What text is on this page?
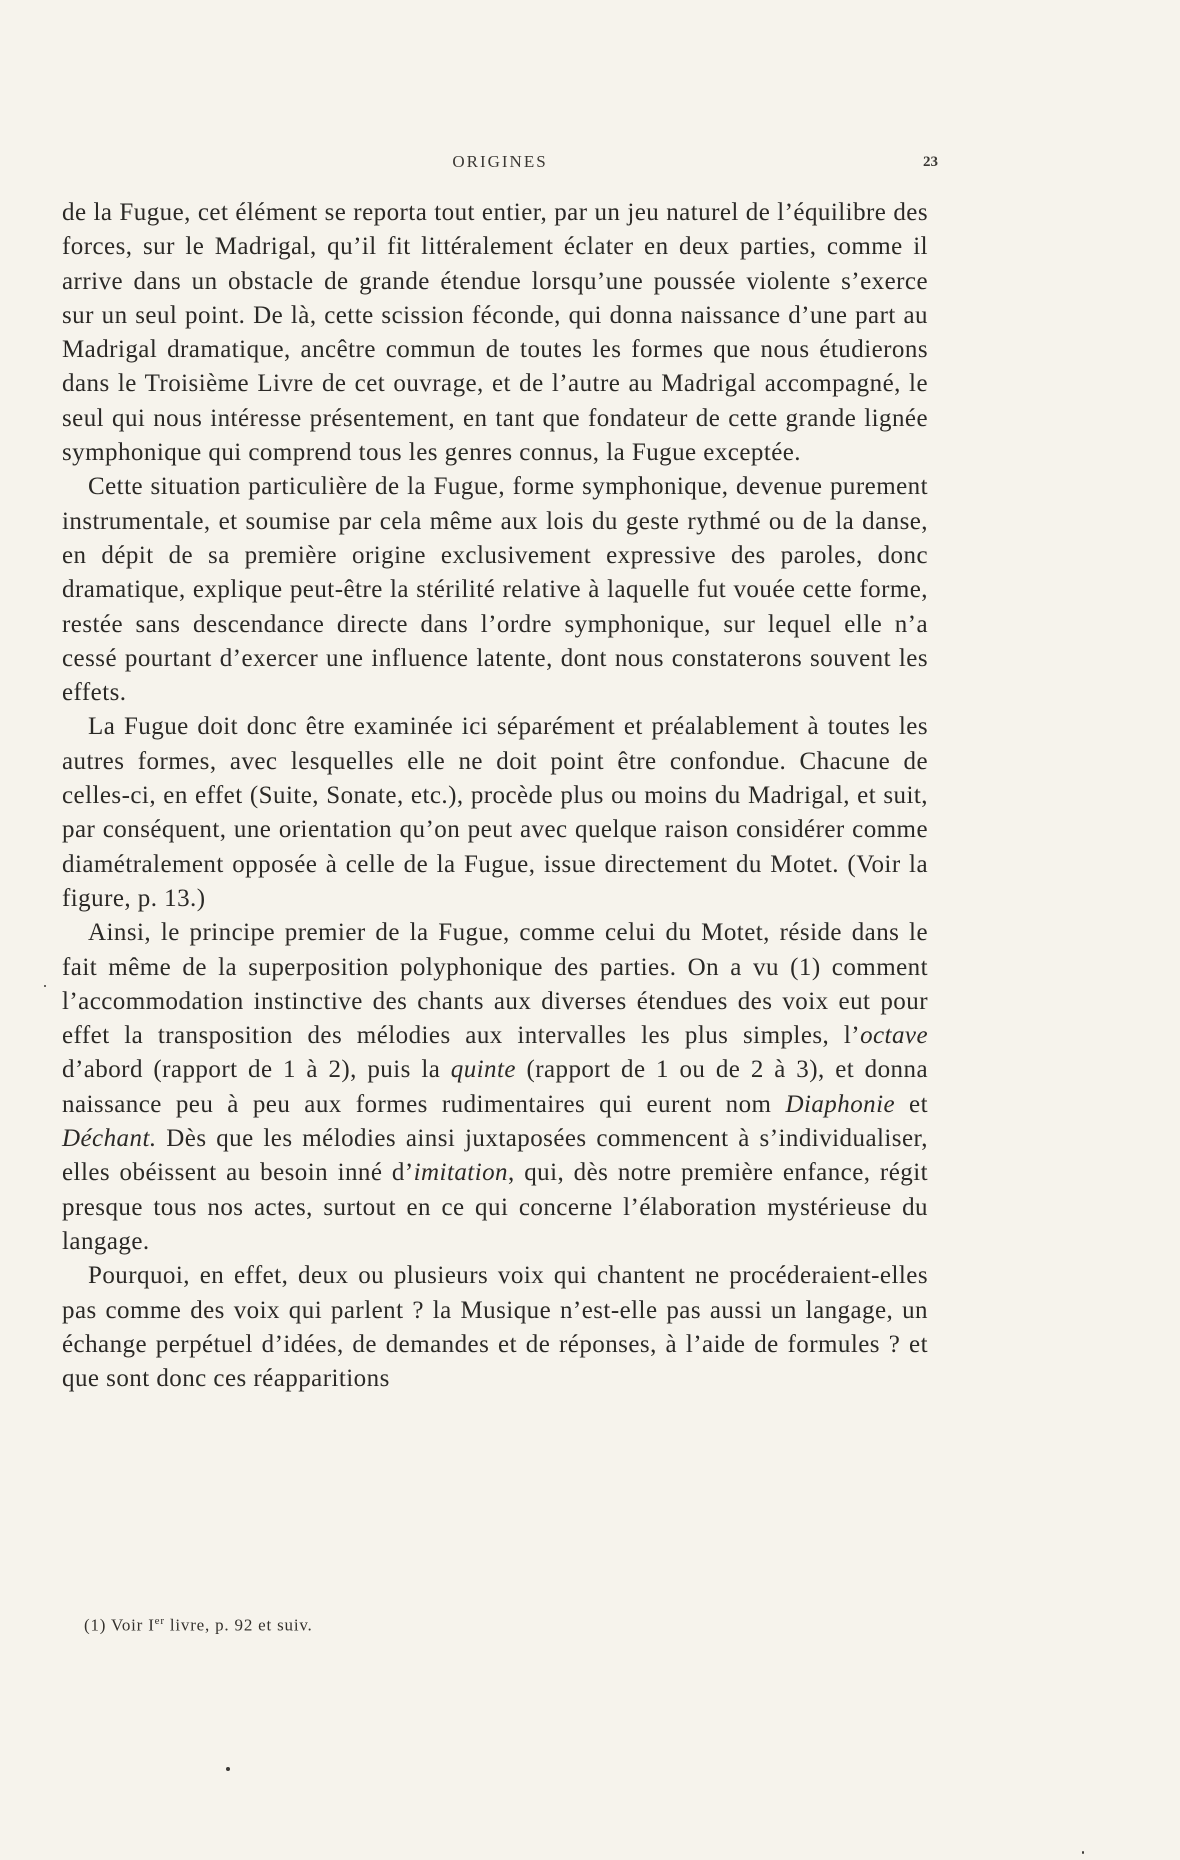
ORIGINES	23

de la Fugue, cet élément se reporta tout entier, par un jeu naturel de l’équilibre des forces, sur le Madrigal, qu’il fit littéralement éclater en deux parties, comme il arrive dans un obstacle de grande étendue lorsqu’une poussée violente s’exerce sur un seul point. De là, cette scission féconde, qui donna naissance d’une part au Madrigal dramatique, ancêtre commun de toutes les formes que nous étudierons dans le Troisième Livre de cet ouvrage, et de l’autre au Madrigal accompagné, le seul qui nous intéresse présentement, en tant que fondateur de cette grande lignée symphonique qui comprend tous les genres connus, la Fugue exceptée.

Cette situation particulière de la Fugue, forme symphonique, devenue purement instrumentale, et soumise par cela même aux lois du geste rythmé ou de la danse, en dépit de sa première origine exclusivement expressive des paroles, donc dramatique, explique peut-être la stérilité relative à laquelle fut vouée cette forme, restée sans descendance directe dans l’ordre symphonique, sur lequel elle n’a cessé pourtant d’exercer une influence latente, dont nous constaterons souvent les effets.

La Fugue doit donc être examinée ici séparément et préalablement à toutes les autres formes, avec lesquelles elle ne doit point être confondue. Chacune de celles-ci, en effet (Suite, Sonate, etc.), procède plus ou moins du Madrigal, et suit, par conséquent, une orientation qu’on peut avec quelque raison considérer comme diamétralement opposée à celle de la Fugue, issue directement du Motet. (Voir la figure, p. 13.)

Ainsi, le principe premier de la Fugue, comme celui du Motet, réside dans le fait même de la superposition polyphonique des parties. On a vu (1) comment l’accommodation instinctive des chants aux diverses étendues des voix eut pour effet la transposition des mélodies aux intervalles les plus simples, l’octave d’abord (rapport de 1 à 2), puis la quinte (rapport de 1 ou de 2 à 3), et donna naissance peu à peu aux formes rudimentaires qui eurent nom Diaphonie et Déchant. Dès que les mélodies ainsi juxtaposées commencent à s’individualiser, elles obéissent au besoin inné d’imitation, qui, dès notre première enfance, régit presque tous nos actes, surtout en ce qui concerne l’élaboration mystérieuse du langage.

Pourquoi, en effet, deux ou plusieurs voix qui chantent ne procéderaient-elles pas comme des voix qui parlent ? la Musique n’est-elle pas aussi un langage, un échange perpétuel d’idées, de demandes et de réponses, à l’aide de formules ? et que sont donc ces réapparitions

(1) Voir Ier livre, p. 92 et suiv.
